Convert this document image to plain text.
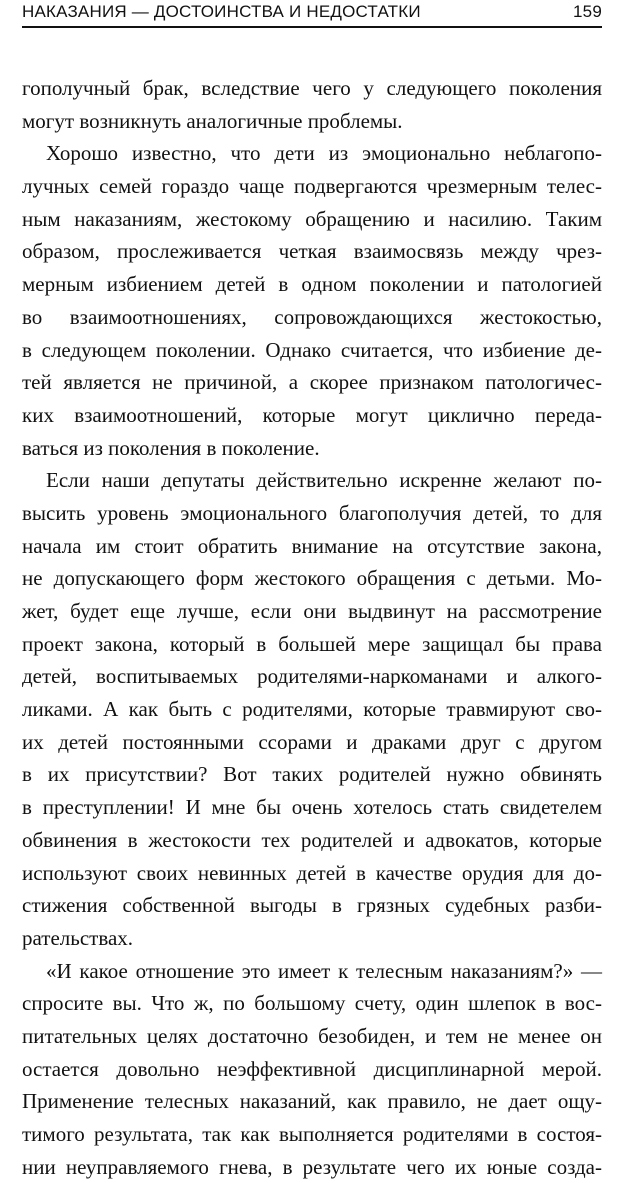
НАКАЗАНИЯ — ДОСТОИНСТВА И НЕДОСТАТКИ	159
гополучный брак, вследствие чего у следующего поколения
могут возникнуть аналогичные проблемы.
Хорошо известно, что дети из эмоционально неблагопо-
лучных семей гораздо чаще подвергаются чрезмерным телес-
ным наказаниям, жестокому обращению и насилию. Таким
образом, прослеживается четкая взаимосвязь между чрез-
мерным избиением детей в одном поколении и патологией
во взаимоотношениях, сопровождающихся жестокостью,
в следующем поколении. Однако считается, что избиение де-
тей является не причиной, а скорее признаком патологичес-
ких взаимоотношений, которые могут циклично переда-
ваться из поколения в поколение.
Если наши депутаты действительно искренне желают по-
высить уровень эмоционального благополучия детей, то для
начала им стоит обратить внимание на отсутствие закона,
не допускающего форм жестокого обращения с детьми. Мо-
жет, будет еще лучше, если они выдвинут на рассмотрение
проект закона, который в большей мере защищал бы права
детей, воспитываемых родителями-наркоманами и алкого-
ликами. А как быть с родителями, которые травмируют сво-
их детей постоянными ссорами и драками друг с другом
в их присутствии? Вот таких родителей нужно обвинять
в преступлении! И мне бы очень хотелось стать свидетелем
обвинения в жестокости тех родителей и адвокатов, которые
используют своих невинных детей в качестве орудия для до-
стижения собственной выгоды в грязных судебных разби-
рательствах.
«И какое отношение это имеет к телесным наказаниям?» —
спросите вы. Что ж, по большому счету, один шлепок в вос-
питательных целях достаточно безобиден, и тем не менее он
остается довольно неэффективной дисциплинарной мерой.
Применение телесных наказаний, как правило, не дает ощу-
тимого результата, так как выполняется родителями в состоя-
нии неуправляемого гнева, в результате чего их юные созда-
